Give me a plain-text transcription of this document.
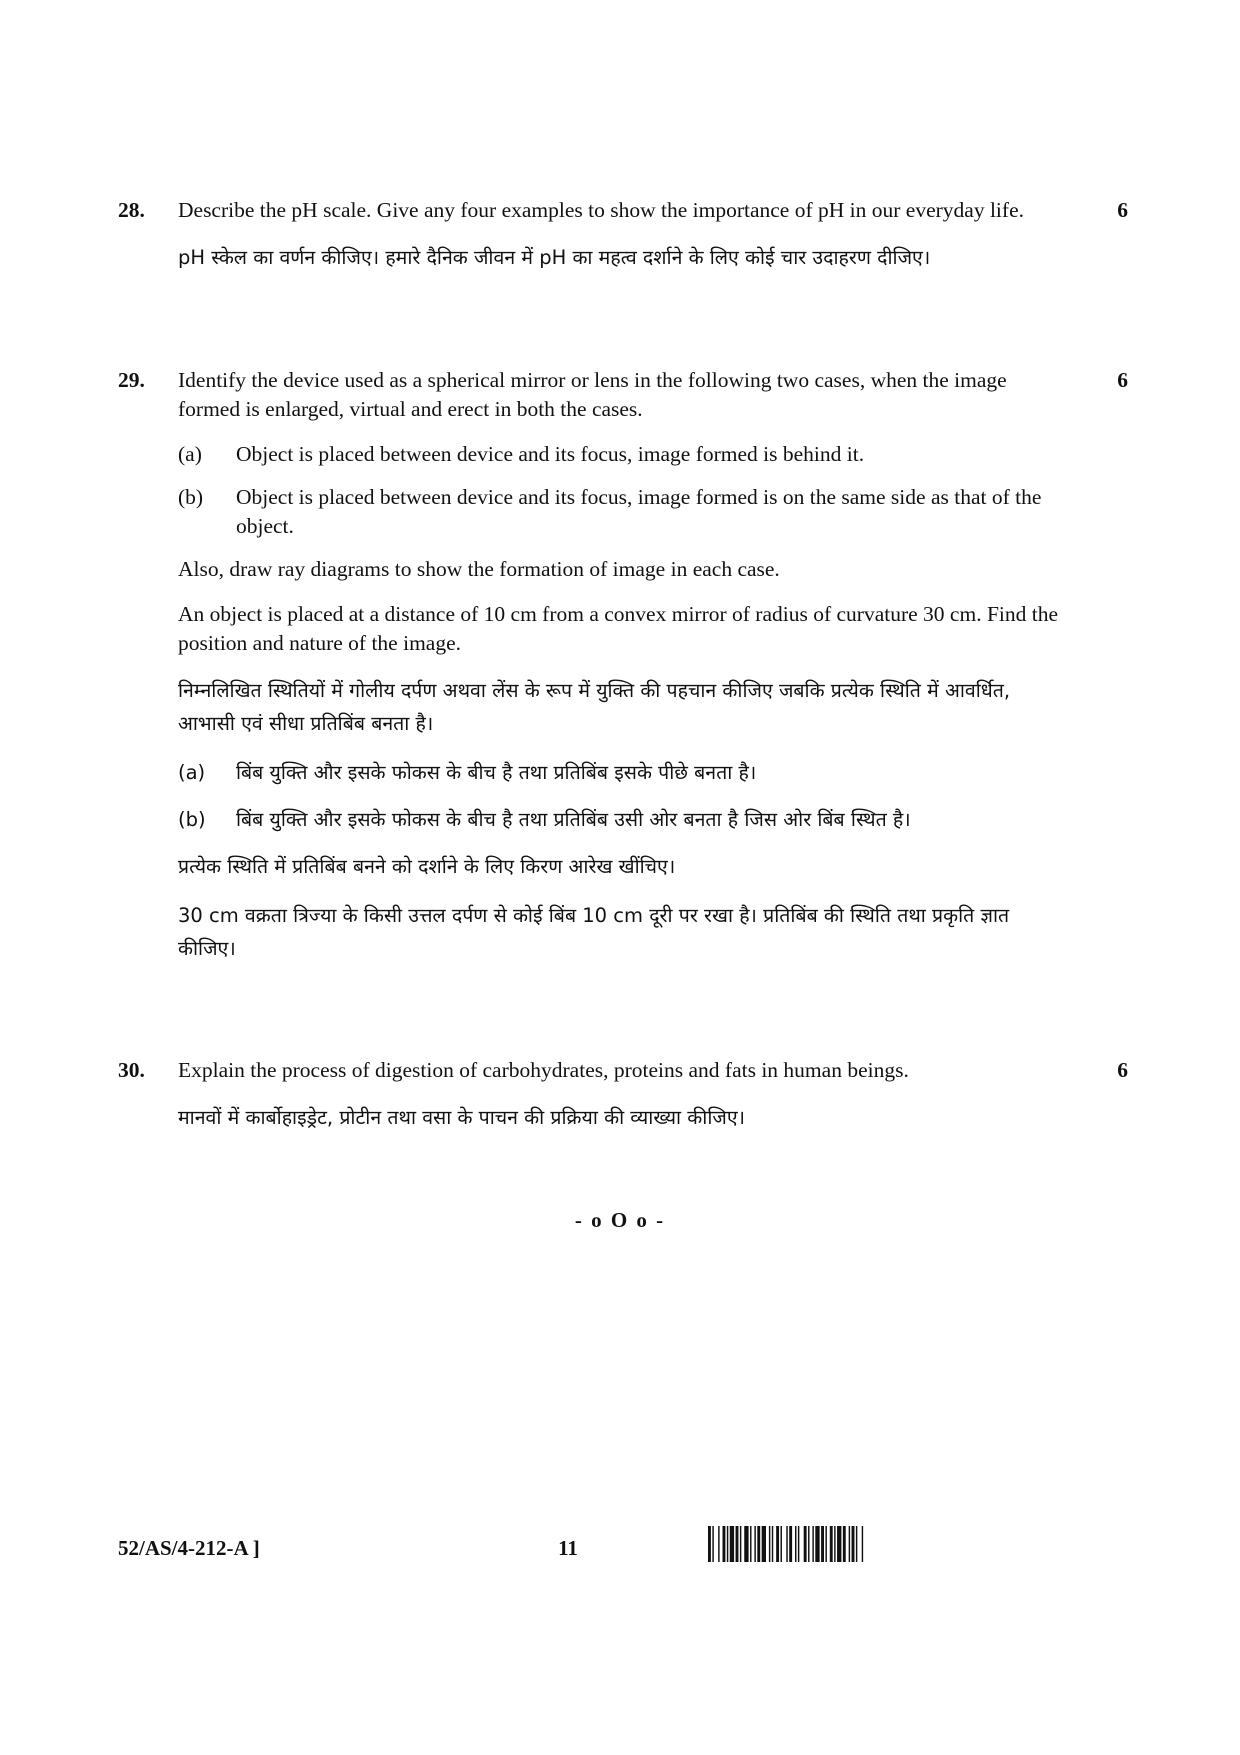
28.	6

Describe the pH scale. Give any four examples to show the importance of pH in our everyday life.

pH स्केल का वर्णन कीजिए। हमारे दैनिक जीवन में pH का महत्व दर्शाने के लिए कोई चार उदाहरण दीजिए।

29.	6

Identify the device used as a spherical mirror or lens in the following two cases, when the image formed is enlarged, virtual and erect in both the cases.

(a)	Object is placed between device and its focus, image formed is behind it.
(b)	Object is placed between device and its focus, image formed is on the same side as that of the object.

Also, draw ray diagrams to show the formation of image in each case.

An object is placed at a distance of 10 cm from a convex mirror of radius of curvature 30 cm. Find the position and nature of the image.

निम्नलिखित स्थितियों में गोलीय दर्पण अथवा लेंस के रूप में युक्ति की पहचान कीजिए जबकि प्रत्येक स्थिति में आवर्धित, आभासी एवं सीधा प्रतिबिंब बनता है।

(a)	बिंब युक्ति और इसके फोकस के बीच है तथा प्रतिबिंब इसके पीछे बनता है।
(b)	बिंब युक्ति और इसके फोकस के बीच है तथा प्रतिबिंब उसी ओर बनता है जिस ओर बिंब स्थित है।

प्रत्येक स्थिति में प्रतिबिंब बनने को दर्शाने के लिए किरण आरेख खींचिए।

30 cm वक्रता त्रिज्या के किसी उत्तल दर्पण से कोई बिंब 10 cm दूरी पर रखा है। प्रतिबिंब की स्थिति तथा प्रकृति ज्ञात कीजिए।

30.	6

Explain the process of digestion of carbohydrates, proteins and fats in human beings.

मानवों में कार्बोहाइड्रेट, प्रोटीन तथा वसा के पाचन की प्रक्रिया की व्याख्या कीजिए।

- o O o -
52/AS/4-212-A ]	11
